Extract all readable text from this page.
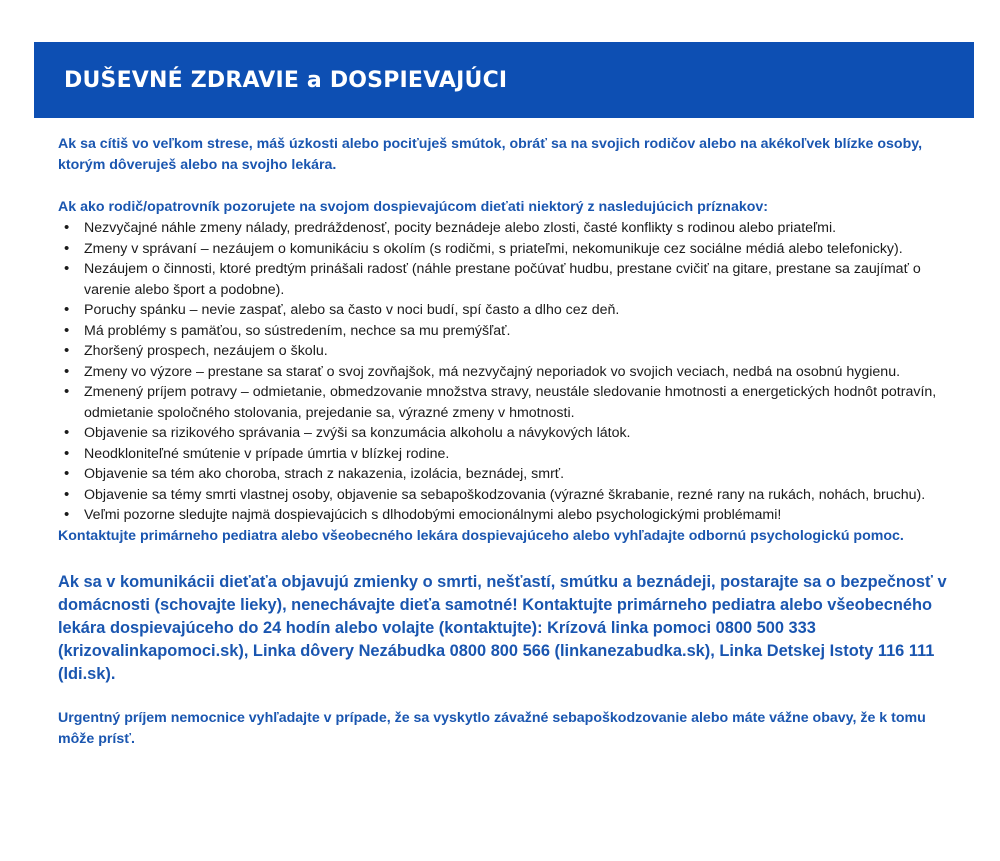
DUŠEVNÉ ZDRAVIE a DOSPIEVAJÚCI

Ak sa cítiš vo veľkom strese, máš úzkosti alebo pociťuješ smútok, obráť sa na svojich rodičov alebo na akékoľvek blízke osoby, ktorým dôveruješ alebo na svojho lekára.

Ak ako rodič/opatrovník pozorujete na svojom dospievajúcom dieťati niektorý z nasledujúcich príznakov:

• Nezvyčajné náhle zmeny nálady, predráždenosť, pocity beznádeje alebo zlosti, časté konflikty s rodinou alebo priateľmi.
• Zmeny v správaní – nezáujem o komunikáciu s okolím (s rodičmi, s priateľmi, nekomunikuje cez sociálne médiá alebo telefonicky).
• Nezáujem o činnosti, ktoré predtým prinášali radosť (náhle prestane počúvať hudbu, prestane cvičiť na gitare, prestane sa zaujímať o varenie alebo šport a podobne).
• Poruchy spánku – nevie zaspať, alebo sa často v noci budí, spí často a dlho cez deň.
• Má problémy s pamäťou, so sústredením, nechce sa mu premýšľať.
• Zhoršený prospech, nezáujem o školu.
• Zmeny vo výzore – prestane sa starať o svoj zovňajšok, má nezvyčajný neporiadok vo svojich veciach, nedbá na osobnú hygienu.
• Zmenený príjem potravy – odmietanie, obmedzovanie množstva stravy, neustále sledovanie hmotnosti a energetických hodnôt potravín, odmietanie spoločného stolovania, prejedanie sa, výrazné zmeny v hmotnosti.
• Objavenie sa rizikového správania – zvýši sa konzumácia alkoholu a návykových látok.
• Neodkloniteľné smútenie v prípade úmrtia v blízkej rodine.
• Objavenie sa tém ako choroba, strach z nakazenia, izolácia, beznádej, smrť.
• Objavenie sa témy smrti vlastnej osoby, objavenie sa sebapoškodzovania (výrazné škrabanie, rezné rany na rukách, nohách, bruchu).
• Veľmi pozorne sledujte najmä dospievajúcich s dlhodobými emocionálnymi alebo psychologickými problémami!

Kontaktujte primárneho pediatra alebo všeobecného lekára dospievajúceho alebo vyhľadajte odbornú psychologickú pomoc.

Ak sa v komunikácii dieťaťa objavujú zmienky o smrti, nešťastí, smútku a beznádeji, postarajte sa o bezpečnosť v domácnosti (schovajte lieky), nenechávajte dieťa samotné! Kontaktujte primárneho pediatra alebo všeobecného lekára dospievajúceho do 24 hodín alebo volajte (kontaktujte): Krízová linka pomoci 0800 500 333 (krizovalinkapomoci.sk), Linka dôvery Nezábudka 0800 800 566 (linkanezabudka.sk), Linka Detskej Istoty 116 111 (ldi.sk).

Urgentný príjem nemocnice vyhľadajte v prípade, že sa vyskytlo závažné sebapoškodzovanie alebo máte vážne obavy, že k tomu môže prísť.
